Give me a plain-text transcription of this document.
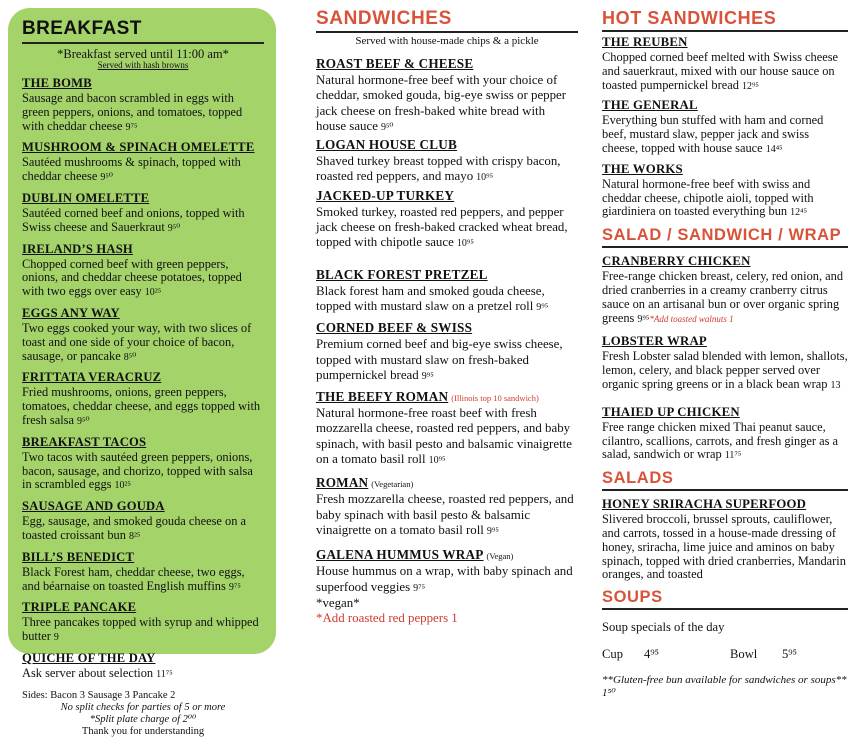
BREAKFAST
*Breakfast served until 11:00 am*
Served with hash browns
THE BOMB
Sausage and bacon scrambled in eggs with green peppers, onions, and tomatoes, topped with cheddar cheese 9⁷⁵
MUSHROOM & SPINACH OMELETTE
Sautéed mushrooms & spinach, topped with cheddar cheese 9⁵⁰
DUBLIN OMELETTE
Sautéed corned beef and onions, topped with Swiss cheese and Sauerkraut 9⁵⁰
IRELAND’S HASH
Chopped corned beef with green peppers, onions, and cheddar cheese potatoes, topped with two eggs over easy 10²⁵
EGGS ANY WAY
Two eggs cooked your way, with two slices of toast and one side of your choice of bacon, sausage, or pancake 8⁵⁰
FRITTATA VERACRUZ
Fried mushrooms, onions, green peppers, tomatoes, cheddar cheese, and eggs topped with fresh salsa 9⁵⁰
BREAKFAST TACOS
Two tacos with sautéed green peppers, onions, bacon, sausage, and chorizo, topped with salsa in scrambled eggs 10²⁵
SAUSAGE AND GOUDA
Egg, sausage, and smoked gouda cheese on a toasted croissant bun 8²⁵
BILL’S BENEDICT
Black Forest ham, cheddar cheese, two eggs, and béarnaise on toasted English muffins 9⁷⁵
TRIPLE PANCAKE
Three pancakes topped with syrup and whipped butter 9
QUICHE OF THE DAY
Ask server about selection 11⁷⁵
Sides: Bacon 3 Sausage 3 Pancake 2
No split checks for parties of 5 or more
*Split plate charge of 2⁰⁰
Thank you for understanding
SANDWICHES
Served with house-made chips & a pickle
ROAST BEEF & CHEESE
Natural hormone-free beef with your choice of cheddar, smoked gouda, big-eye swiss or pepper jack cheese on fresh-baked white bread with house sauce 9⁵⁰
LOGAN HOUSE CLUB
Shaved turkey breast topped with crispy bacon, roasted red peppers, and mayo 10⁹⁵
JACKED-UP TURKEY
Smoked turkey, roasted red peppers, and pepper jack cheese on fresh-baked cracked wheat bread, topped with chipotle sauce 10⁹⁵
BLACK FOREST PRETZEL
Black forest ham and smoked gouda cheese, topped with mustard slaw on a pretzel roll 9⁹⁵
CORNED BEEF & SWISS
Premium corned beef and big-eye swiss cheese, topped with mustard slaw on fresh-baked pumpernickel bread 9⁹⁵
THE BEEFY ROMAN (Illinois top 10 sandwich)
Natural hormone-free roast beef with fresh mozzarella cheese, roasted red peppers, and baby spinach, with basil pesto and balsamic vinaigrette on a tomato basil roll 10⁹⁵
ROMAN (Vegetarian)
Fresh mozzarella cheese, roasted red peppers, and baby spinach with basil pesto & balsamic vinaigrette on a tomato basil roll 9⁹⁵
GALENA HUMMUS WRAP (Vegan)
House hummus on a wrap, with baby spinach and superfood veggies 9⁷⁵
*vegan*
*Add roasted red peppers 1
HOT SANDWICHES
THE REUBEN
Chopped corned beef melted with Swiss cheese and sauerkraut, mixed with our house sauce on toasted pumpernickel bread 12⁹⁵
THE GENERAL
Everything bun stuffed with ham and corned beef, mustard slaw, pepper jack and swiss cheese, topped with house sauce 14⁴⁵
THE WORKS
Natural hormone-free beef with swiss and cheddar cheese, chipotle aioli, topped with giardiniera on toasted everything bun 12⁴⁵
SALAD / SANDWICH / WRAP
CRANBERRY CHICKEN
Free-range chicken breast, celery, red onion, and dried cranberries in a creamy cranberry citrus sauce on an artisanal bun or over organic spring greens 9⁹⁵*Add toasted walnuts 1
LOBSTER WRAP
Fresh Lobster salad blended with lemon, shallots, lemon, celery, and black pepper served over organic spring greens or in a black bean wrap 13
THAIED UP CHICKEN
Free range chicken mixed Thai peanut sauce, cilantro, scallions, carrots, and fresh ginger as a salad, sandwich or wrap 11⁷⁵
SALADS
HONEY SRIRACHA SUPERFOOD
Slivered broccoli, brussel sprouts, cauliflower, and carrots, tossed in a house-made dressing of honey, sriracha, lime juice and aminos on baby spinach, topped with dried cranberries, Mandarin oranges, and toasted
SOUPS
Soup specials of the day
Cup	4⁹⁵	Bowl	5⁹⁵
**Gluten-free bun available for sandwiches or soups** 1⁵⁰
